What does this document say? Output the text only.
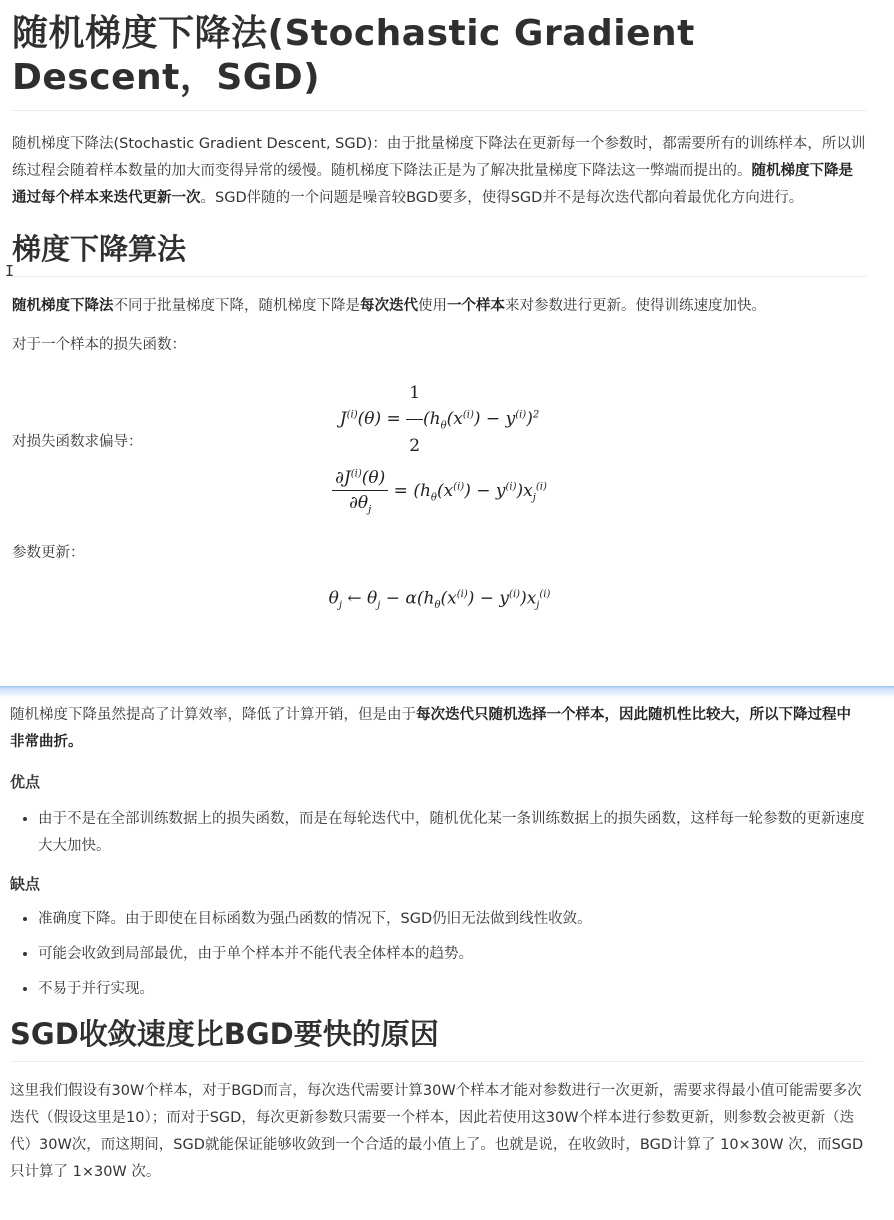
随机梯度下降法(Stochastic Gradient Descent，SGD)

随机梯度下降法(Stochastic Gradient Descent, SGD)：由于批量梯度下降法在更新每一个参数时，都需要所有的训练样本，所以训练过程会随着样本数量的加大而变得异常的缓慢。随机梯度下降法正是为了解决批量梯度下降法这一弊端而提出的。随机梯度下降是通过每个样本来迭代更新一次。SGD伴随的一个问题是噪音较BGD要多，使得SGD并不是每次迭代都向着最优化方向进行。

梯度下降算法

随机梯度下降法不同于批量梯度下降，随机梯度下降是每次迭代使用一个样本来对参数进行更新。使得训练速度加快。

对于一个样本的损失函数：

$J^{(i)}(\theta) = \frac{1}{2} (h_\theta(x^{(i)}) - y^{(i)})^2$

对损失函数求偏导：

$\frac{\partial J^{(i)}(\theta)}{\partial\theta_j} = (h_\theta(x^{(i)}) - y^{(i)})x_j^{(i)}$

参数更新：

$\theta_j$ ← $\theta_j - \alpha(h_\theta(x^{(i)}) - y^{(i)})x_j^{(i)}$

随机梯度下降虽然提高了计算效率，降低了计算开销，但是由于每次迭代只随机选择一个样本，因此随机性比较大，所以下降过程中非常曲折。

优点
• 由于不是在全部训练数据上的损失函数，而是在每轮迭代中，随机优化某一条训练数据上的损失函数，这样每一轮参数的更新速度大大加快。
缺点
• 准确度下降。由于即使在目标函数为强凸函数的情况下，SGD仍旧无法做到线性收敛。
• 可能会收敛到局部最优，由于单个样本并不能代表全体样本的趋势。
• 不易于并行实现。
SGD收敛速度比BGD要快的原因

这里我们假设有30W个样本，对于BGD而言，每次迭代需要计算30W个样本才能对参数进行一次更新，需要求得最小值可能需要多次迭代（假设这里是10）；而对于SGD，每次更新参数只需要一个样本，因此若使用这30W个样本进行参数更新，则参数会被更新（迭代）30W次，而这期间，SGD就能保证能够收敛到一个合适的最小值上了。也就是说，在收敛时，BGD计算了 10×30W 次，而SGD只计算了 1×30W 次。

I
